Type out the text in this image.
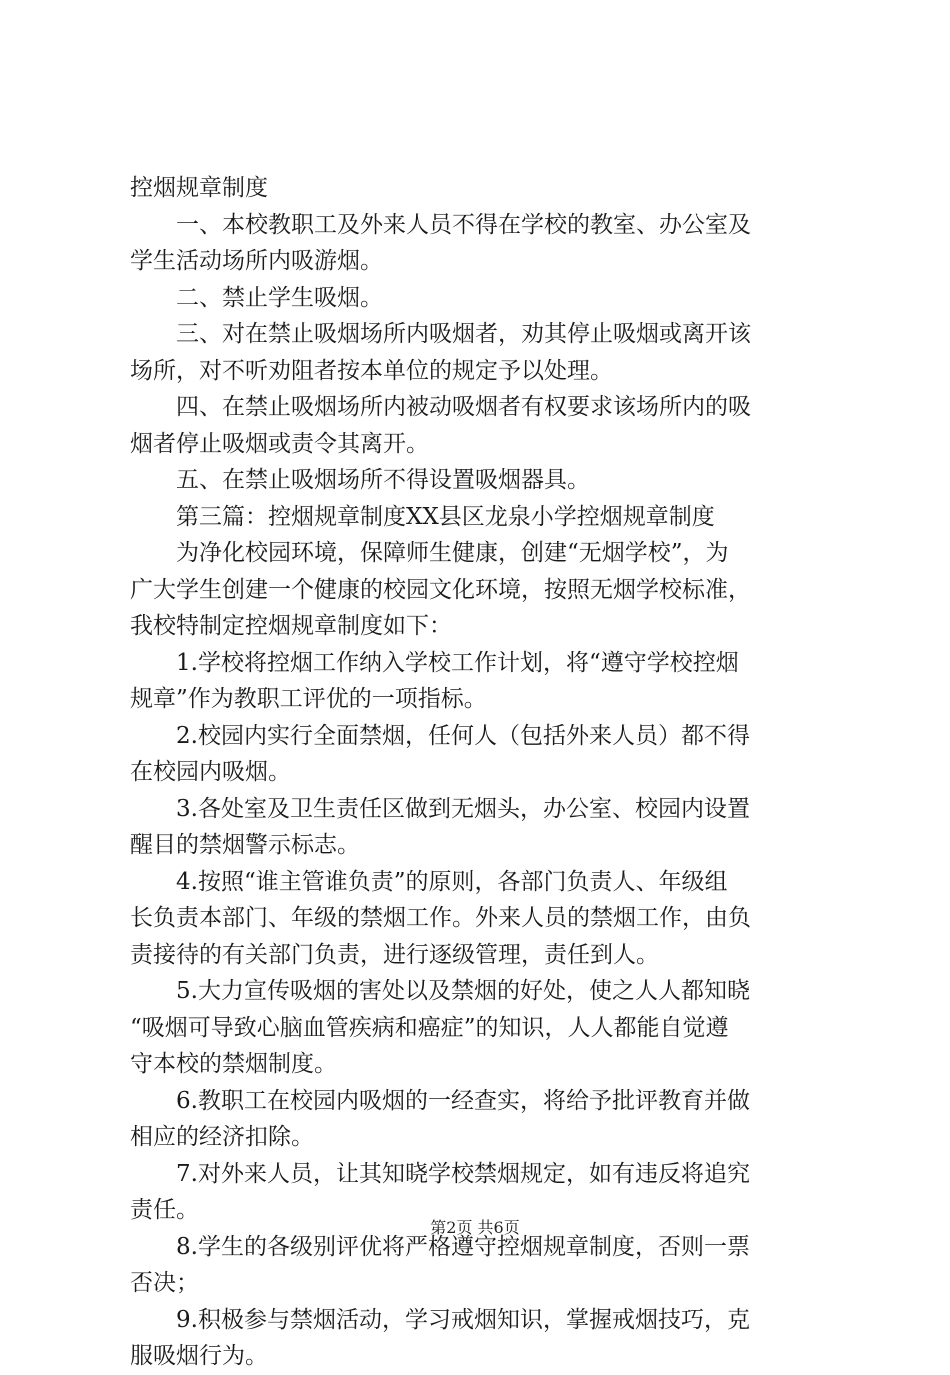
控烟规章制度
一、本校教职工及外来人员不得在学校的教室、办公室及
学生活动场所内吸游烟。
二、禁止学生吸烟。
三、对在禁止吸烟场所内吸烟者，劝其停止吸烟或离开该
场所，对不听劝阻者按本单位的规定予以处理。
四、在禁止吸烟场所内被动吸烟者有权要求该场所内的吸
烟者停止吸烟或责令其离开。
五、在禁止吸烟场所不得设置吸烟器具。
第三篇：控烟规章制度XX县区龙泉小学控烟规章制度
为净化校园环境，保障师生健康，创建“无烟学校”，为
广大学生创建一个健康的校园文化环境，按照无烟学校标准，
我校特制定控烟规章制度如下：
1.学校将控烟工作纳入学校工作计划，将“遵守学校控烟
规章”作为教职工评优的一项指标。
2.校园内实行全面禁烟，任何人（包括外来人员）都不得
在校园内吸烟。
3.各处室及卫生责任区做到无烟头，办公室、校园内设置
醒目的禁烟警示标志。
4.按照“谁主管谁负责”的原则，各部门负责人、年级组
长负责本部门、年级的禁烟工作。外来人员的禁烟工作，由负
责接待的有关部门负责，进行逐级管理，责任到人。
5.大力宣传吸烟的害处以及禁烟的好处，使之人人都知晓
“吸烟可导致心脑血管疾病和癌症”的知识，人人都能自觉遵
守本校的禁烟制度。
6.教职工在校园内吸烟的一经查实，将给予批评教育并做
相应的经济扣除。
7.对外来人员，让其知晓学校禁烟规定，如有违反将追究
责任。
8.学生的各级别评优将严格遵守控烟规章制度，否则一票
否决；
9.积极参与禁烟活动，学习戒烟知识，掌握戒烟技巧，克
服吸烟行为。
第2页 共6页
